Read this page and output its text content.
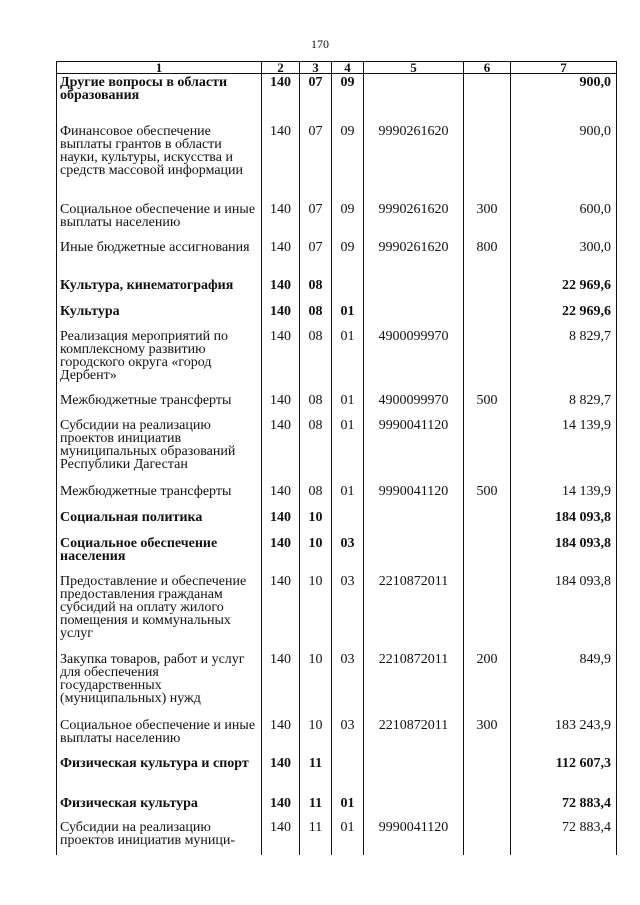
170
1	2	3	4	5	6	7
Другие вопросы в области образования	140	07	09			900,0
Финансовое обеспечение выплаты грантов в области науки, культуры, искусства и средств массовой информации	140	07	09	9990261620		900,0
Социальное обеспечение и иные выплаты населению	140	07	09	9990261620	300	600,0
Иные бюджетные ассигнования	140	07	09	9990261620	800	300,0
Культура, кинематография	140	08				22 969,6
Культура	140	08	01			22 969,6
Реализация мероприятий по комплексному развитию городского округа «город Дербент»	140	08	01	4900099970		8 829,7
Межбюджетные трансферты	140	08	01	4900099970	500	8 829,7
Субсидии на реализацию проектов инициатив муниципальных образований Республики Дагестан	140	08	01	9990041120		14 139,9
Межбюджетные трансферты	140	08	01	9990041120	500	14 139,9
Социальная политика	140	10				184 093,8
Социальное обеспечение населения	140	10	03			184 093,8
Предоставление и обеспечение предоставления гражданам субсидий на оплату жилого помещения и коммунальных услуг	140	10	03	2210872011		184 093,8
Закупка товаров, работ и услуг для обеспечения государственных (муниципальных) нужд	140	10	03	2210872011	200	849,9
Социальное обеспечение и иные выплаты населению	140	10	03	2210872011	300	183 243,9
Физическая культура и спорт	140	11				112 607,3
Физическая культура	140	11	01			72 883,4
Субсидии на реализацию проектов инициатив муници-	140	11	01	9990041120		72 883,4
